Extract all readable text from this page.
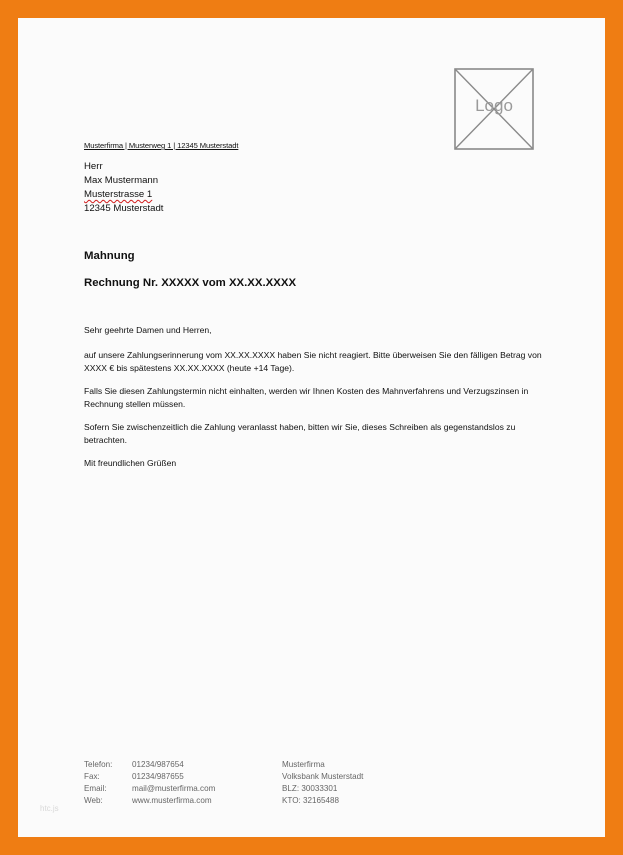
Logo
Musterfirma | Musterweg 1 | 12345 Musterstadt
Herr
Max Mustermann
Musterstrasse 1
12345 Musterstadt
Mahnung
Rechnung Nr. XXXXX vom XX.XX.XXXX

Sehr geehrte Damen und Herren,

auf unsere Zahlungserinnerung vom XX.XX.XXXX haben Sie nicht reagiert. Bitte überweisen Sie den fälligen Betrag von XXXX € bis spätestens XX.XX.XXXX (heute +14 Tage).

Falls Sie diesen Zahlungstermin nicht einhalten, werden wir Ihnen Kosten des Mahnverfahrens und Verzugszinsen in Rechnung stellen müssen.

Sofern Sie zwischenzeitlich die Zahlung veranlasst haben, bitten wir Sie, dieses Schreiben als gegenstandslos zu betrachten.

Mit freundlichen Grüßen

Telefon:	01234/987654	Musterfirma
Fax:	01234/987655	Volksbank Musterstadt
Email:	mail@musterfirma.com	BLZ: 30033301
Web:	www.musterfirma.com	KTO: 32165488
htc.js
